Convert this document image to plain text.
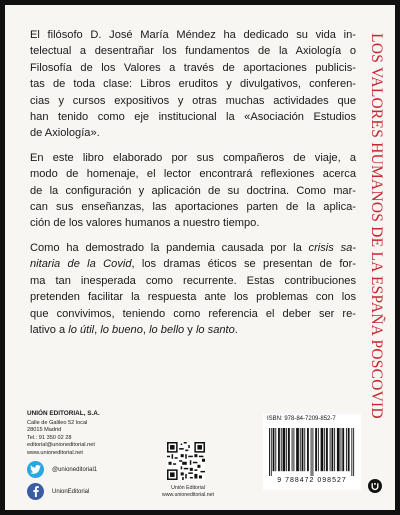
El filósofo D. José María Méndez ha dedicado su vida in-
telectual a desentrañar los fundamentos de la Axiología o
Filosofía de los Valores a través de aportaciones publicis-
tas de toda clase: Libros eruditos y divulgativos, conferen-
cias y cursos expositivos y otras muchas actividades que
han tenido como eje institucional la «Asociación Estudios
de Axiología».

En este libro elaborado por sus compañeros de viaje, a
modo de homenaje, el lector encontrará reflexiones acerca
de la configuración y aplicación de su doctrina. Como mar-
can sus enseñanzas, las aportaciones parten de la aplica-
ción de los valores humanos a nuestro tiempo.

Como ha demostrado la pandemia causada por la crisis sa-
nitaria de la Covid, los dramas éticos se presentan de for-
ma tan inesperada como recurrente. Estas contribuciones
pretenden facilitar la respuesta ante los problemas con los
que convivimos, teniendo como referencia el deber ser re-
lativo a lo útil, lo bueno, lo bello y lo santo.	LOS VALORES HUMANOS DE LA ESPAÑA POSCOVID
UNIÓN EDITORIAL, S.A.
Calle de Galileo 52 local
28015 Madrid
Tel.: 91 350 02 28
editorial@unioneditorial.net
www.unioneditorial.net
@unioneditorial1
UnionEditorial
Unión Editorial
www.unioneditorial.net
ISBN: 978-84-7209-852-7
9 788472 098527
